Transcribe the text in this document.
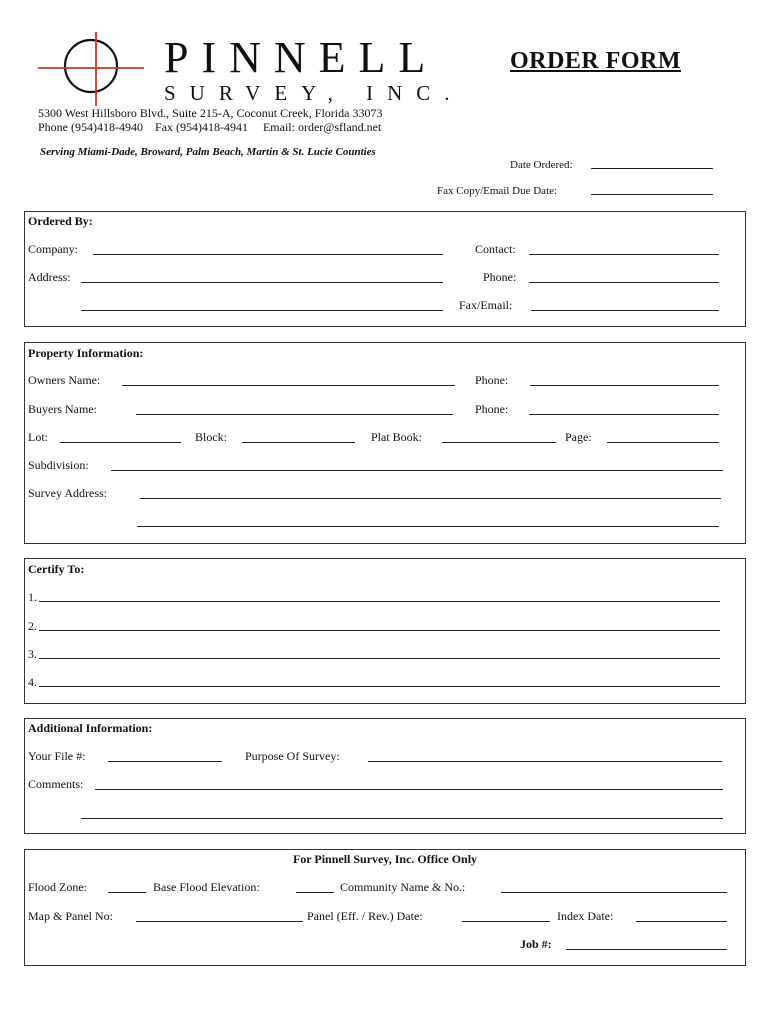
PINNELL
SURVEY, INC.
ORDER FORM
5300 West Hillsboro Blvd., Suite 215-A, Coconut Creek, Florida 33073
Phone (954)418-4940    Fax (954)418-4941     Email: order@sfland.net
Serving Miami-Dade, Broward, Palm Beach, Martin & St. Lucie Counties
Date Ordered:
Fax Copy/Email Due Date:
Ordered By:
Company:	Contact:
Address:	Phone:
Fax/Email:
Property Information:
Owners Name:	Phone:
Buyers Name:	Phone:
Lot:	Block:	Plat Book:	Page:
Subdivision:
Survey Address:
Certify To:
1.
2.
3.
4.
Additional Information:
Your File #:	Purpose Of Survey:
Comments:
For Pinnell Survey, Inc. Office Only
Flood Zone:	Base Flood Elevation:	Community Name & No.:
Map & Panel No:	Panel (Eff. / Rev.) Date:	Index Date:
Job #:
